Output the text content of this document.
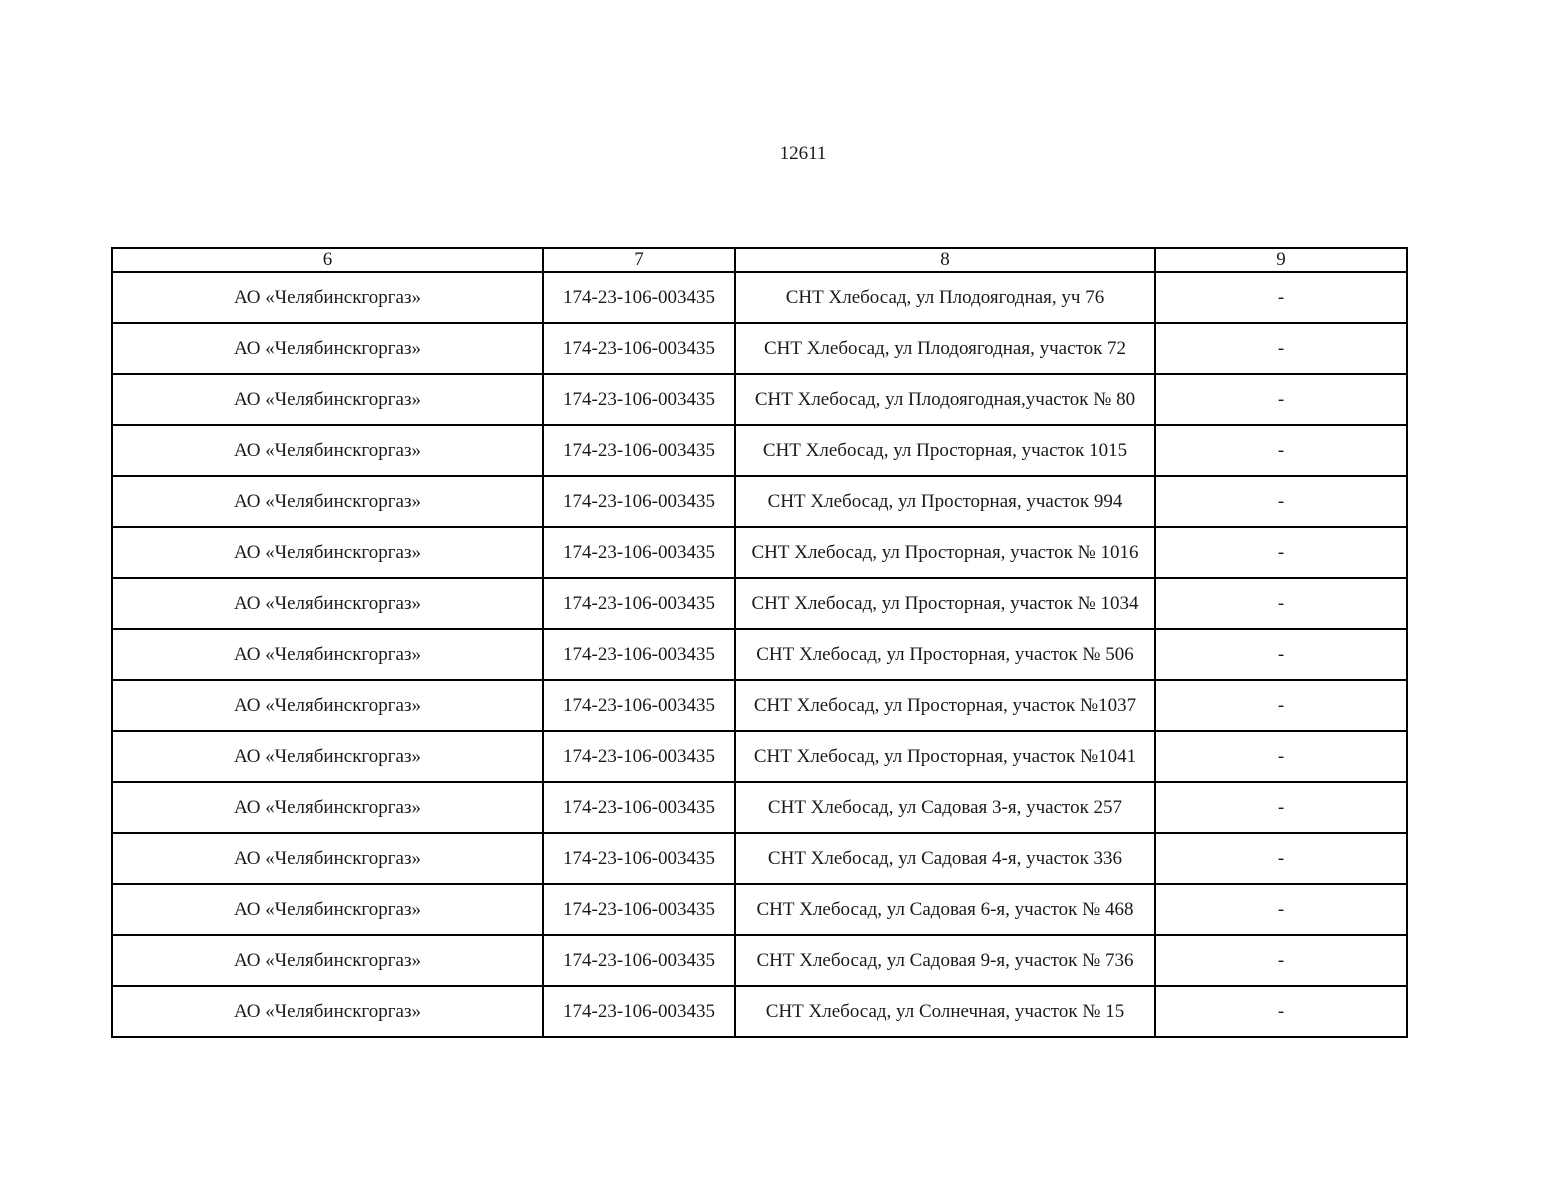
12611
6	7	8	9
АО «Челябинскгоргаз»	174-23-106-003435	СНТ Хлебосад, ул Плодоягодная, уч 76	-
АО «Челябинскгоргаз»	174-23-106-003435	СНТ Хлебосад, ул Плодоягодная, участок 72	-
АО «Челябинскгоргаз»	174-23-106-003435	СНТ Хлебосад, ул Плодоягодная,участок № 80	-
АО «Челябинскгоргаз»	174-23-106-003435	СНТ Хлебосад, ул Просторная, участок 1015	-
АО «Челябинскгоргаз»	174-23-106-003435	СНТ Хлебосад, ул Просторная, участок 994	-
АО «Челябинскгоргаз»	174-23-106-003435	СНТ Хлебосад, ул Просторная, участок № 1016	-
АО «Челябинскгоргаз»	174-23-106-003435	СНТ Хлебосад, ул Просторная, участок № 1034	-
АО «Челябинскгоргаз»	174-23-106-003435	СНТ Хлебосад, ул Просторная, участок № 506	-
АО «Челябинскгоргаз»	174-23-106-003435	СНТ Хлебосад, ул Просторная, участок №1037	-
АО «Челябинскгоргаз»	174-23-106-003435	СНТ Хлебосад, ул Просторная, участок №1041	-
АО «Челябинскгоргаз»	174-23-106-003435	СНТ Хлебосад, ул Садовая 3-я, участок 257	-
АО «Челябинскгоргаз»	174-23-106-003435	СНТ Хлебосад, ул Садовая 4-я, участок 336	-
АО «Челябинскгоргаз»	174-23-106-003435	СНТ Хлебосад, ул Садовая 6-я, участок № 468	-
АО «Челябинскгоргаз»	174-23-106-003435	СНТ Хлебосад, ул Садовая 9-я, участок № 736	-
АО «Челябинскгоргаз»	174-23-106-003435	СНТ Хлебосад, ул Солнечная, участок № 15	-
